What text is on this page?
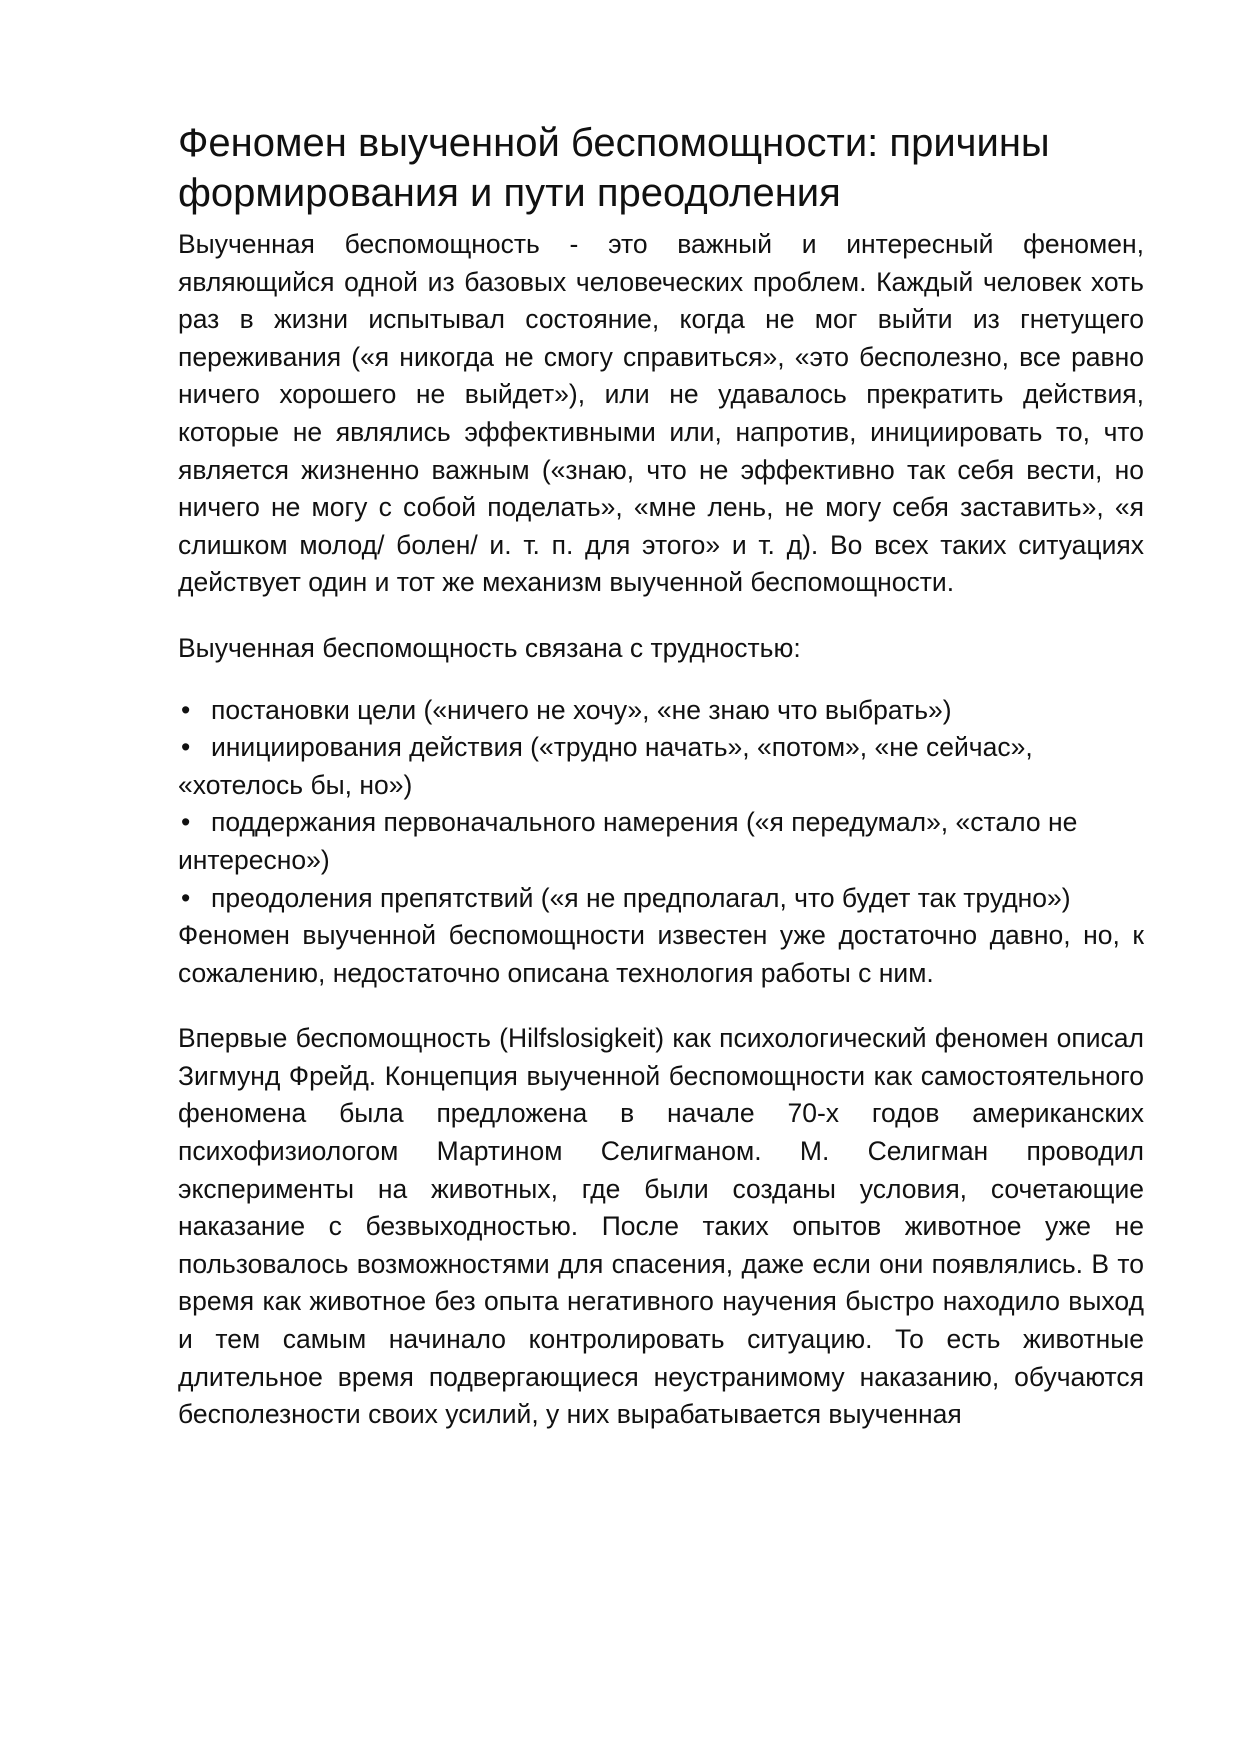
Феномен выученной беспомощности: причины формирования и пути преодоления

Выученная беспомощность - это важный и интересный феномен, являющийся одной из базовых человеческих проблем. Каждый человек хоть раз в жизни испытывал состояние, когда не мог выйти из гнетущего переживания («я никогда не смогу справиться», «это бесполезно, все равно ничего хорошего не выйдет»), или не удавалось прекратить действия, которые не являлись эффективными или, напротив, инициировать то, что является жизненно важным («знаю, что не эффективно так себя вести, но ничего не могу с собой поделать», «мне лень, не могу себя заставить», «я слишком молод/ болен/ и. т. п. для этого» и т. д). Во всех таких ситуациях действует один и тот же механизм выученной беспомощности.

Выученная беспомощность связана с трудностью:

• постановки цели («ничего не хочу», «не знаю что выбрать»)
• инициирования действия («трудно начать», «потом», «не сейчас», «хотелось бы, но»)
• поддержания первоначального намерения («я передумал», «стало не интересно»)
• преодоления препятствий («я не предполагал, что будет так трудно»)

Феномен выученной беспомощности известен уже достаточно давно, но, к сожалению, недостаточно описана технология работы с ним.

Впервые беспомощность (Hilfslosigkeit) как психологический феномен описал Зигмунд Фрейд. Концепция выученной беспомощности как самостоятельного феномена была предложена в начале 70-х годов американских психофизиологом Мартином Селигманом. М. Селигман проводил эксперименты на животных, где были созданы условия, сочетающие наказание с безвыходностью. После таких опытов животное уже не пользовалось возможностями для спасения, даже если они появлялись. В то время как животное без опыта негативного научения быстро находило выход и тем самым начинало контролировать ситуацию. То есть животные длительное время подвергающиеся неустранимому наказанию, обучаются бесполезности своих усилий, у них вырабатывается выученная
